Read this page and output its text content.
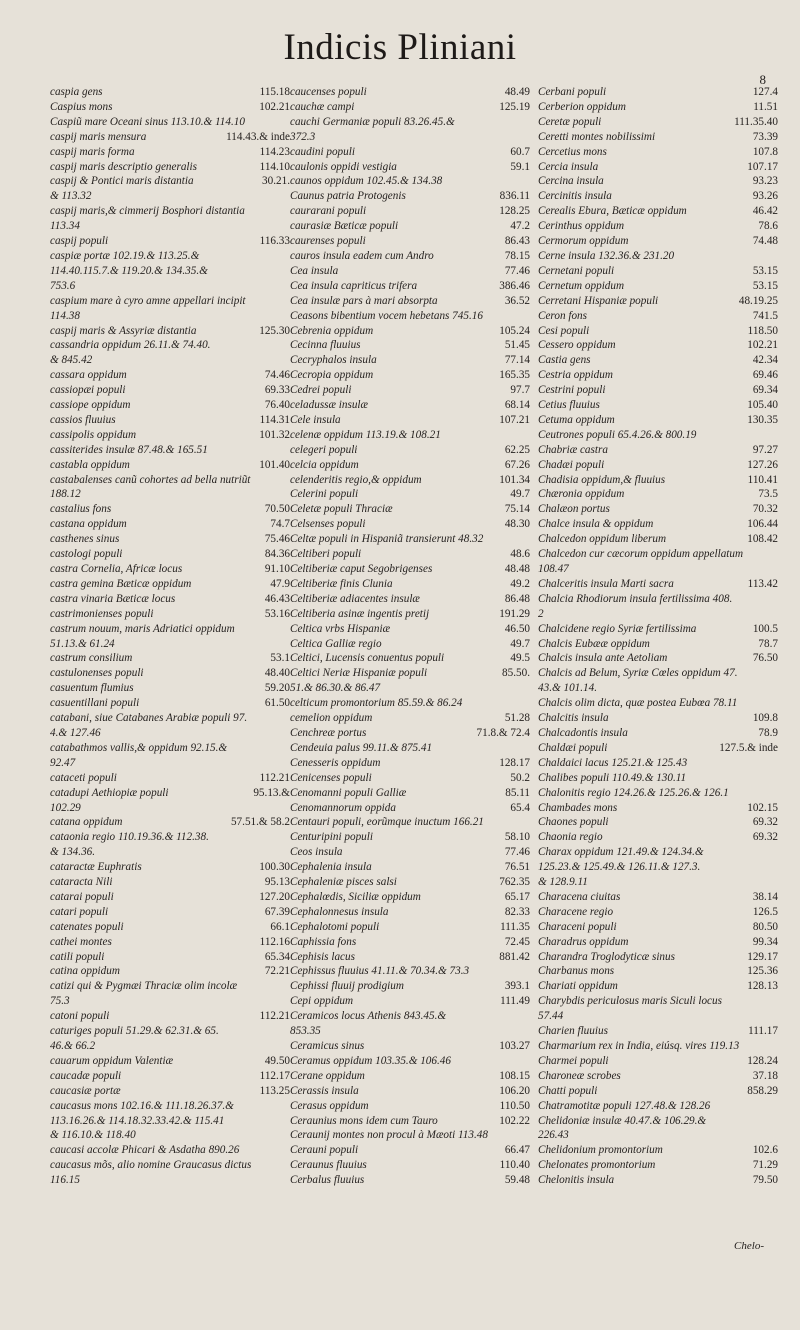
Indicis Pliniani
8
caspia gens	115.18
Caspius mons	102.21
Caspiũ mare Oceani sinus 113.10.& 114.10
caspij maris mensura	114.43.& inde
caspij maris forma	114.23
caspij maris descriptio generalis	114.10
caspij & Pontici maris distantia	30.21.
& 113.32
caspij maris,& cimmerij Bosphori distantia
113.34
caspij populi	116.33
caspiæ portæ 102.19.& 113.25.&
114.40.115.7.& 119.20.& 134.35.&
753.6
caspium mare à cyro amne appellari incipit
114.38
caspij maris & Assyriæ distantia	125.30
cassandria oppidum 26.11.& 74.40.
& 845.42
cassara oppidum	74.46
cassiopæi populi	69.33
cassiope oppidum	76.40
cassios fluuius	114.31
cassipolis oppidum	101.32
cassiterides insulæ 87.48.& 165.51
castabla oppidum	101.40
castabalenses canũ cohortes ad bella nutriũt
188.12
castalius fons	70.50
castana oppidum	74.7
casthenes sinus	75.46
castologi populi	84.36
castra Cornelia, Africæ locus	91.10
castra gemina Bæticæ oppidum	47.9
castra vinaria Bæticæ locus	46.43
castrimonienses populi	53.16
castrum nouum, maris Adriatici oppidum
51.13.& 61.24
castrum consilium	53.1
castulonenses populi	48.40
casuentum flumius	59.20
casuentillani populi	61.50
catabani, siue Catabanes Arabiæ populi 97.
4.& 127.46
catabathmos vallis,& oppidum 92.15.&
92.47
cataceti populi	112.21
catadupi Aethiopiæ populi	95.13.&
102.29
catana oppidum	57.51.& 58.2
cataonia regio 110.19.36.& 112.38.
& 134.36.
cataractæ Euphratis	100.30
cataracta Nili	95.13
catarai populi	127.20
catari populi	67.39
catenates populi	66.1
cathei montes	112.16
catili populi	65.34
catina oppidum	72.21
catizi qui & Pygmæi Thraciæ olim incolæ
75.3
catoni populi	112.21
caturiges populi 51.29.& 62.31.& 65.
46.& 66.2
cauarum oppidum Valentiæ	49.50
caucadæ populi	112.17
caucasiæ portæ	113.25
caucasus mons 102.16.& 111.18.26.37.&
113.16.26.& 114.18.32.33.42.& 115.41
& 116.10.& 118.40
caucasi accolæ Phicari & Asdatha 890.26
caucasus mõs, alio nomine Graucasus dictus
116.15
caucenses populi	48.49
cauchæ campi	125.19
cauchi Germaniæ populi 83.26.45.&
372.3
caudini populi	60.7
caulonis oppidi vestigia	59.1
caunos oppidum 102.45.& 134.38
Caunus patria Protogenis	836.11
caurarani populi	128.25
caurasiæ Bæticæ populi	47.2
caurenses populi	86.43
cauros insula eadem cum Andro	78.15
Cea insula	77.46
Cea insula capriticus trifera	386.46
Cea insulæ pars à mari absorpta	36.52
Ceasons bibentium vocem hebetans 745.16
Cebrenia oppidum	105.24
Cecinna fluuius	51.45
Cecryphalos insula	77.14
Cecropia oppidum	165.35
Cedrei populi	97.7
celadussæ insulæ	68.14
Cele insula	107.21
celenæ oppidum 113.19.& 108.21
celegeri populi	62.25
celcia oppidum	67.26
celenderitis regio,& oppidum	101.34
Celerini populi	49.7
Celetæ populi Thraciæ	75.14
Celsenses populi	48.30
Celtæ populi in Hispaniã transierunt 48.32
Celtiberi populi	48.6
Celtiberiæ caput Segobrigenses	48.48
Celtiberiæ finis Clunia	49.2
Celtiberiæ adiacentes insulæ	86.48
Celtiberia asinæ ingentis pretij	191.29
Celtica vrbs Hispaniæ	46.50
Celtica Galliæ regio	49.7
Celtici, Lucensis conuentus populi	49.5
Celtici Neriæ Hispaniæ populi	85.50.
51.& 86.30.& 86.47
celticum promontorium 85.59.& 86.24
cemelion oppidum	51.28
Cenchreæ portus	71.8.& 72.4
Cendeuia palus 99.11.& 875.41
Cenesseris oppidum	128.17
Cenicenses populi	50.2
Cenomanni populi Galliæ	85.11
Cenomannorum oppida	65.4
Centauri populi, eorũmque inuctum 166.21
Centuripini populi	58.10
Ceos insula	77.46
Cephalenia insula	76.51
Cephaleniæ pisces salsi	762.35
Cephalœdis, Siciliæ oppidum	65.17
Cephalonnesus insula	82.33
Cephalotomi populi	111.35
Caphissia fons	72.45
Cephisis lacus	881.42
Cephissus fluuius 41.11.& 70.34.& 73.3
Cephissi fluuij prodigium	393.1
Cepi oppidum	111.49
Ceramicos locus Athenis 843.45.&
853.35
Ceramicus sinus	103.27
Ceramus oppidum 103.35.& 106.46
Cerane oppidum	108.15
Cerassis insula	106.20
Cerasus oppidum	110.50
Ceraunius mons idem cum Tauro	102.22
Ceraunij montes non procul à Mæoti 113.48
Cerauni populi	66.47
Ceraunus fluuius	110.40
Cerbalus fluuius	59.48
Cerbani populi	127.4
Cerberion oppidum	11.51
Ceretæ populi	111.35.40
Ceretti montes nobilissimi	73.39
Cercetius mons	107.8
Cercia insula	107.17
Cercina insula	93.23
Cercinitis insula	93.26
Cerealis Ebura, Bæticæ oppidum	46.42
Cerinthus oppidum	78.6
Cermorum oppidum	74.48
Cerne insula 132.36.& 231.20
Cernetani populi	53.15
Cernetum oppidum	53.15
Cerretani Hispaniæ populi	48.19.25
Ceron fons	741.5
Cesi populi	118.50
Cessero oppidum	102.21
Castia gens	42.34
Cestria oppidum	69.46
Cestrini populi	69.34
Cetius fluuius	105.40
Cetuma oppidum	130.35
Ceutrones populi 65.4.26.& 800.19
Chabriæ castra	97.27
Chadæi populi	127.26
Chadisia oppidum,& fluuius	110.41
Chæronia oppidum	73.5
Chalæon portus	70.32
Chalce insula & oppidum	106.44
Chalcedon oppidum liberum	108.42
Chalcedon cur cæcorum oppidum appellatum
108.47
Chalceritis insula Marti sacra	113.42
Chalcia Rhodiorum insula fertilissima 408.
2
Chalcidene regio Syriæ fertilissima	100.5
Chalcis Eubææ oppidum	78.7
Chalcis insula ante Aetoliam	76.50
Chalcis ad Belum, Syriæ Cœles oppidum 47.
43.& 101.14.
Chalcis olim dicta, quæ postea Eubœa 78.11
Chalcitis insula	109.8
Chalcadontis insula	78.9
Chaldæi populi	127.5.& inde
Chaldaici lacus 125.21.& 125.43
Chalibes populi 110.49.& 130.11
Chalonitis regio 124.26.& 125.26.& 126.1
Chambades mons	102.15
Chaones populi	69.32
Chaonia regio	69.32
Charax oppidum 121.49.& 124.34.&
125.23.& 125.49.& 126.11.& 127.3.
& 128.9.11
Characena ciuitas	38.14
Characene regio	126.5
Characeni populi	80.50
Charadrus oppidum	99.34
Charandra Troglodyticæ sinus	129.17
Charbanus mons	125.36
Chariati oppidum	128.13
Charybdis periculosus maris Siculi locus
57.44
Charien fluuius	111.17
Charmarium rex in India, eiúsq. vires 119.13
Charmei populi	128.24
Charoneæ scrobes	37.18
Chatti populi	858.29
Chatramotitæ populi 127.48.& 128.26
Chelidoniæ insulæ 40.47.& 106.29.&
226.43
Chelidonium promontorium	102.6
Chelonates promontorium	71.29
Chelonitis insula	79.50
Chelo-
